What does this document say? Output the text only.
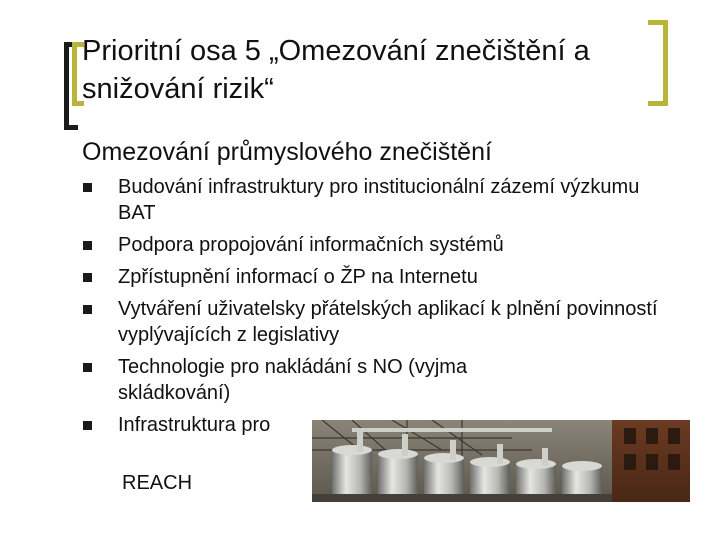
Prioritní osa 5 „Omezování znečištění a snižování rizik“
Omezování průmyslového znečištění
Budování infrastruktury pro institucionální zázemí výzkumu BAT
Podpora propojování informačních systémů
Zpřístupnění informací o ŽP na Internetu
Vytváření uživatelsky přátelských aplikací k plnění povinností vyplývajících z legislativy
Technologie pro nakládání s NO (vyjma skládkování)
Infrastruktura pro
REACH
